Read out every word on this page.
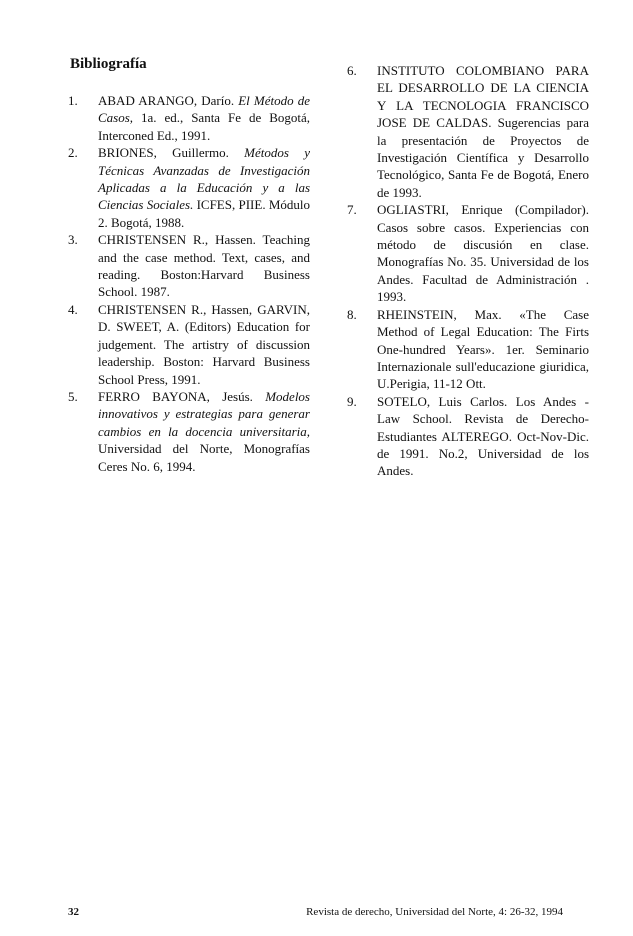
Bibliografía
1. ABAD ARANGO, Darío. El Método de Casos, 1a. ed., Santa Fe de Bogotá, Interconed Ed., 1991.
2. BRIONES, Guillermo. Métodos y Técnicas Avanzadas de Investigación Aplicadas a la Educación y a las Ciencias Sociales. ICFES, PIIE. Módulo 2. Bogotá, 1988.
3. CHRISTENSEN R., Hassen. Teaching and the case method. Text, cases, and reading. Boston:Harvard Business School. 1987.
4. CHRISTENSEN R., Hassen, GARVIN, D. SWEET, A. (Editors) Education for judgement. The artistry of discussion leadership. Boston: Harvard Business School Press, 1991.
5. FERRO BAYONA, Jesús. Modelos innovativos y estrategias para generar cambios en la docencia universitaria, Universidad del Norte, Monografías Ceres No. 6, 1994.
6. INSTITUTO COLOMBIANO PARA EL DESARROLLO DE LA CIENCIA Y LA TECNOLOGIA FRANCISCO JOSE DE CALDAS. Sugerencias para la presentación de Proyectos de Investigación Científica y Desarrollo Tecnológico, Santa Fe de Bogotá, Enero de 1993.
7. OGLIASTRI, Enrique (Compilador). Casos sobre casos. Experiencias con método de discusión en clase. Monografías No. 35. Universidad de los Andes. Facultad de Administración . 1993.
8. RHEINSTEIN, Max. «The Case Method of Legal Education: The Firts One-hundred Years». 1er. Seminario Internazionale sull'educazione giuridica, U.Perigia, 11-12 Ott.
9. SOTELO, Luis Carlos. Los Andes - Law School. Revista de Derecho-Estudiantes ALTEREGO. Oct-Nov-Dic. de 1991. No.2, Universidad de los Andes.
32	Revista de derecho, Universidad del Norte, 4: 26-32, 1994
